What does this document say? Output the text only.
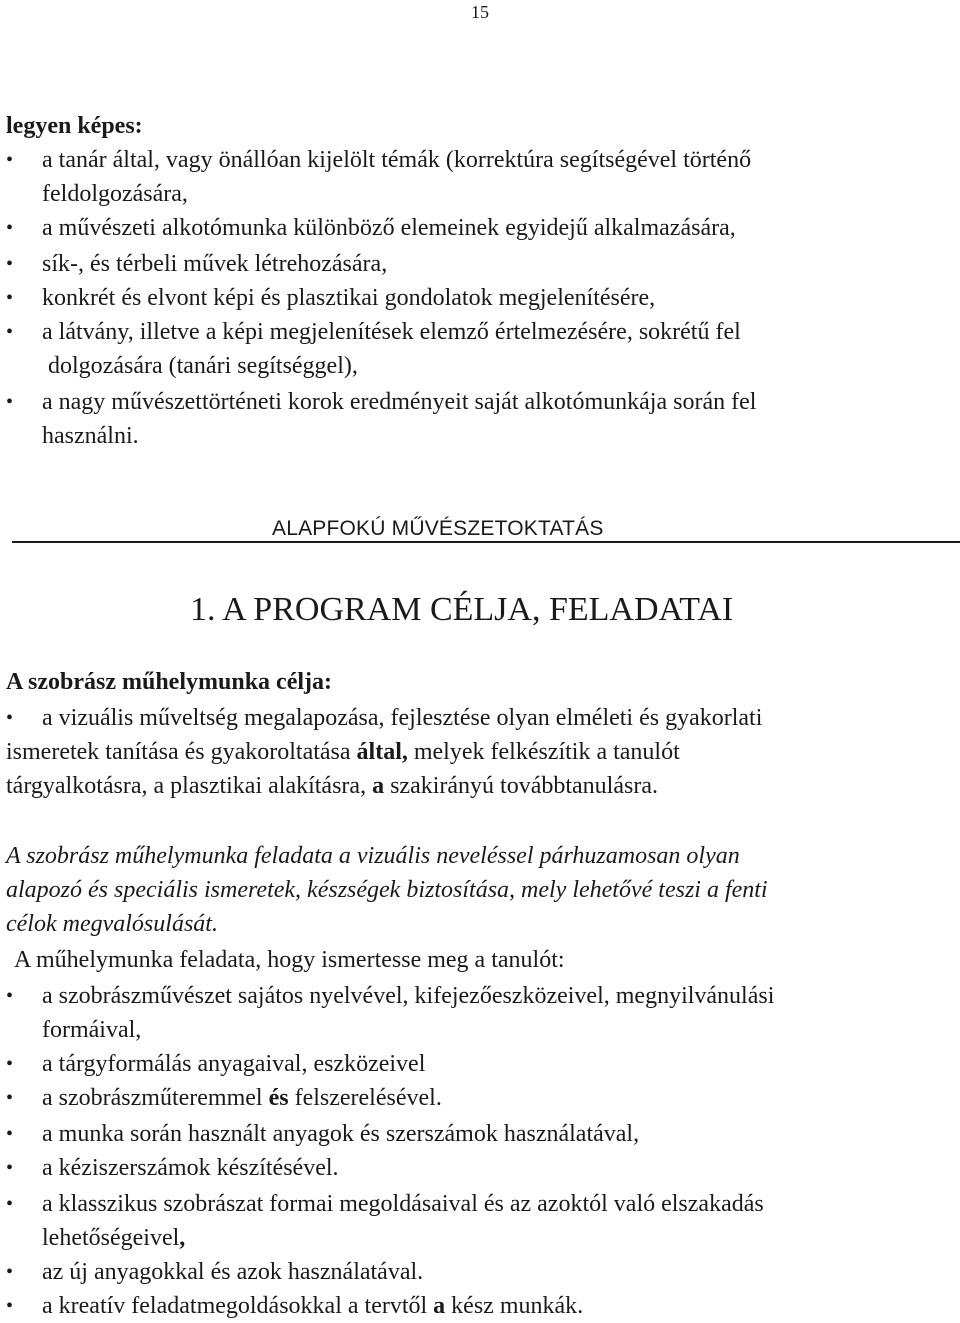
15
legyen képes:
• a tanár által, vagy önállóan kijelölt témák (korrektúra segítségével történő
feldolgozására,
• a művészeti alkotómunka különböző elemeinek egyidejű alkalmazására,
• sík-, és térbeli művek létrehozására,
• konkrét és elvont képi és plasztikai gondolatok megjelenítésére,
• a látvány, illetve a képi megjelenítések elemző értelmezésére, sokrétű fel
dolgozására (tanári segítséggel),
• a nagy művészettörténeti korok eredményeit saját alkotómunkája során fel
használni.
ALAPFOKÚ MŰVÉSZETOKTATÁS
1. A PROGRAM CÉLJA, FELADATAI
A szobrász műhelymunka célja:
• a vizuális műveltség megalapozása, fejlesztése olyan elméleti és gyakorlati
ismeretek tanítása és gyakoroltatása által, melyek felkészítik a tanulót
tárgyalkotásra, a plasztikai alakításra, a szakirányú továbbtanulásra.
A szobrász műhelymunka feladata a vizuális neveléssel párhuzamosan olyan
alapozó és speciális ismeretek, készségek biztosítása, mely lehetővé teszi a fenti
célok megvalósulását.
A műhelymunka feladata, hogy ismertesse meg a tanulót:
• a szobrászművészet sajátos nyelvével, kifejezőeszközeivel, megnyilvánulási
formáival,
• a tárgyformálás anyagaival, eszközeivel
• a szobrászműteremmel és felszerelésével.
• a munka során használt anyagok és szerszámok használatával,
• a kéziszerszámok készítésével.
• a klasszikus szobrászat formai megoldásaival és az azoktól való elszakadás
lehetőségeivel,
• az új anyagokkal és azok használatával.
• a kreatív feladatmegoldásokkal a tervtől a kész munkák.
